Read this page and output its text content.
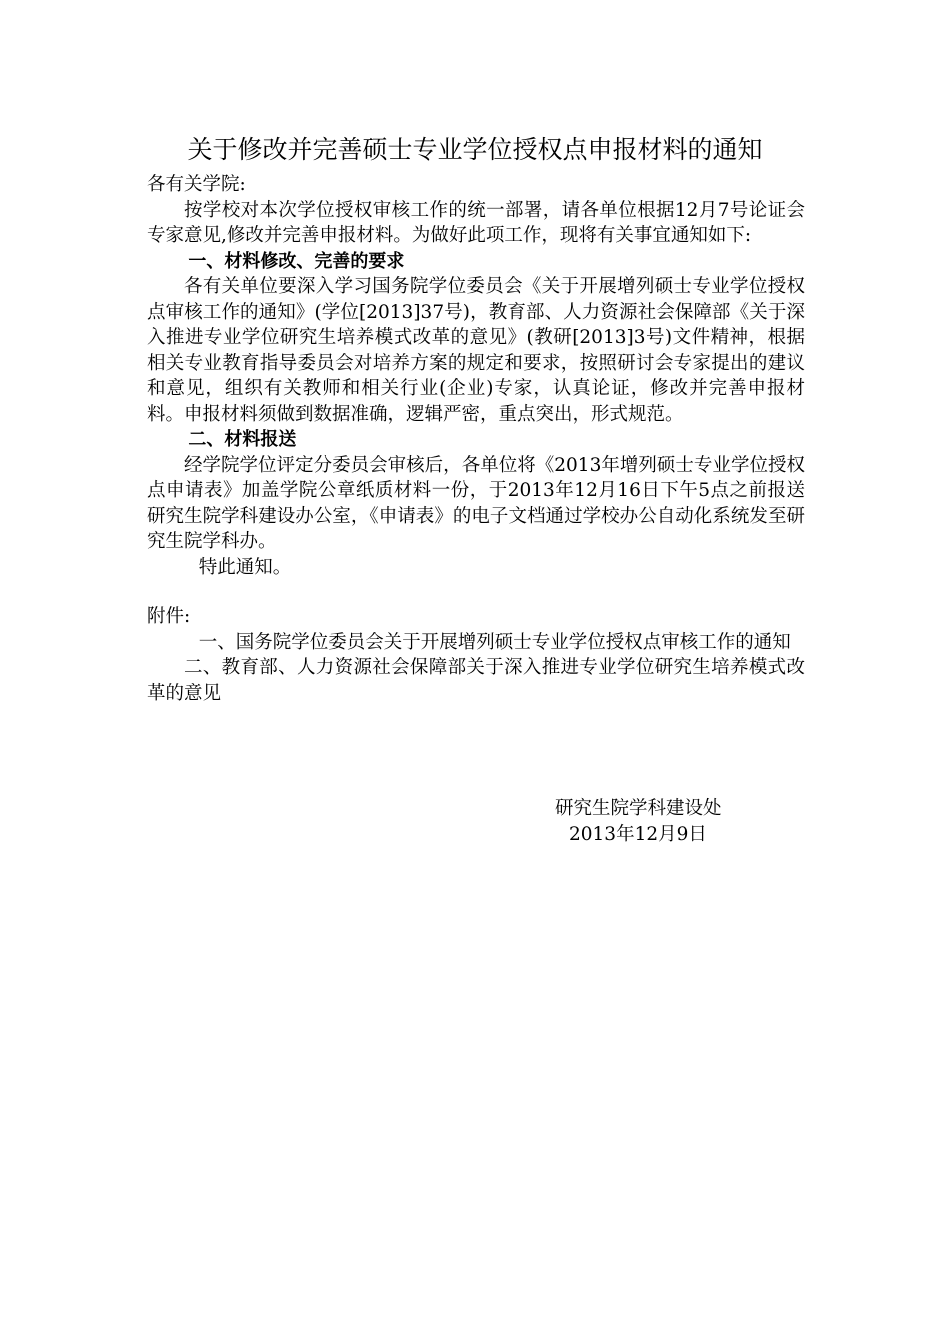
关于修改并完善硕士专业学位授权点申报材料的通知

各有关学院:

按学校对本次学位授权审核工作的统一部署，请各单位根据12月7号论证会专家意见,修改并完善申报材料。为做好此项工作，现将有关事宜通知如下:

一、材料修改、完善的要求

各有关单位要深入学习国务院学位委员会《关于开展增列硕士专业学位授权点审核工作的通知》(学位[2013]37号)，教育部、人力资源社会保障部《关于深入推进专业学位研究生培养模式改革的意见》(教研[2013]3号)文件精神，根据相关专业教育指导委员会对培养方案的规定和要求，按照研讨会专家提出的建议和意见，组织有关教师和相关行业(企业)专家，认真论证，修改并完善申报材料。申报材料须做到数据准确，逻辑严密，重点突出，形式规范。

二、材料报送

经学院学位评定分委员会审核后，各单位将《2013年增列硕士专业学位授权点申请表》加盖学院公章纸质材料一份，于2013年12月16日下午5点之前报送研究生院学科建设办公室，《申请表》的电子文档通过学校办公自动化系统发至研究生院学科办。

特此通知。

附件:

一、国务院学位委员会关于开展增列硕士专业学位授权点审核工作的通知

二、教育部、人力资源社会保障部关于深入推进专业学位研究生培养模式改革的意见

研究生院学科建设处
2013年12月9日
